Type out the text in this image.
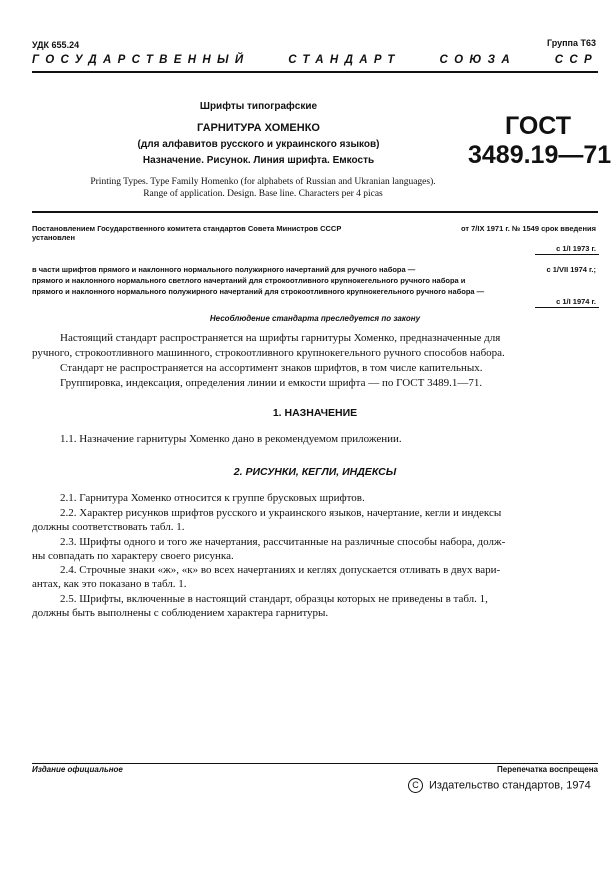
УДК 655.24	Группа Т63
ГОСУДАРСТВЕННЫЙ	СТАНДАРТ	СОЮЗА	ССР
Шрифты типографские
ГАРНИТУРА ХОМЕНКО
(для алфавитов русского и украинского языков)
Назначение. Рисунок. Линия шрифта. Емкость
ГОСТ
3489.19—71
Printing Types. Type Family Homenko (for alphabets of Russian and Ukranian languages).
Range of application. Design. Base line. Characters per 4 picas
Постановлением Государственного комитета стандартов Совета Министров СССР	от 7/IX 1971 г. № 1549 срок введения
установлен
с 1/I 1973 г.
в части шрифтов прямого и наклонного нормального полужирного начертаний для ручного набора —	с 1/VII 1974 г.;
прямого и наклонного нормального светлого начертаний для строкоотливного крупнокегельного ручного набора и
прямого и наклонного нормального полужирного начертаний для строкоотливного крупнокегельного ручного набора —
с 1/I 1974 г.
Несоблюдение стандарта преследуется по закону
Настоящий стандарт распространяется на шрифты гарнитуры Хоменко, предназначенные для
ручного, строкоотливного машинного, строкоотливного крупнокегельного ручного способов набора.
Стандарт не распространяется на ассортимент знаков шрифтов, в том числе капительных.
Группировка, индексация, определения линии и емкости шрифта — по ГОСТ 3489.1—71.
1. НАЗНАЧЕНИЕ
1.1. Назначение гарнитуры Хоменко дано в рекомендуемом приложении.
2. РИСУНКИ, КЕГЛИ, ИНДЕКСЫ
2.1. Гарнитура Хоменко относится к группе брусковых шрифтов.
2.2. Характер рисунков шрифтов русского и украинского языков, начертание, кегли и индексы
должны соответствовать табл. 1.
2.3. Шрифты одного и того же начертания, рассчитанные на различные способы набора, долж-
ны совпадать по характеру своего рисунка.
2.4. Строчные знаки «ж», «к» во всех начертаниях и кеглях допускается отливать в двух вари-
антах, как это показано в табл. 1.
2.5. Шрифты, включенные в настоящий стандарт, образцы которых не приведены в табл. 1,
должны быть выполнены с соблюдением характера гарнитуры.
Издание официальное	Перепечатка воспрещена
C Издательство стандартов, 1974
